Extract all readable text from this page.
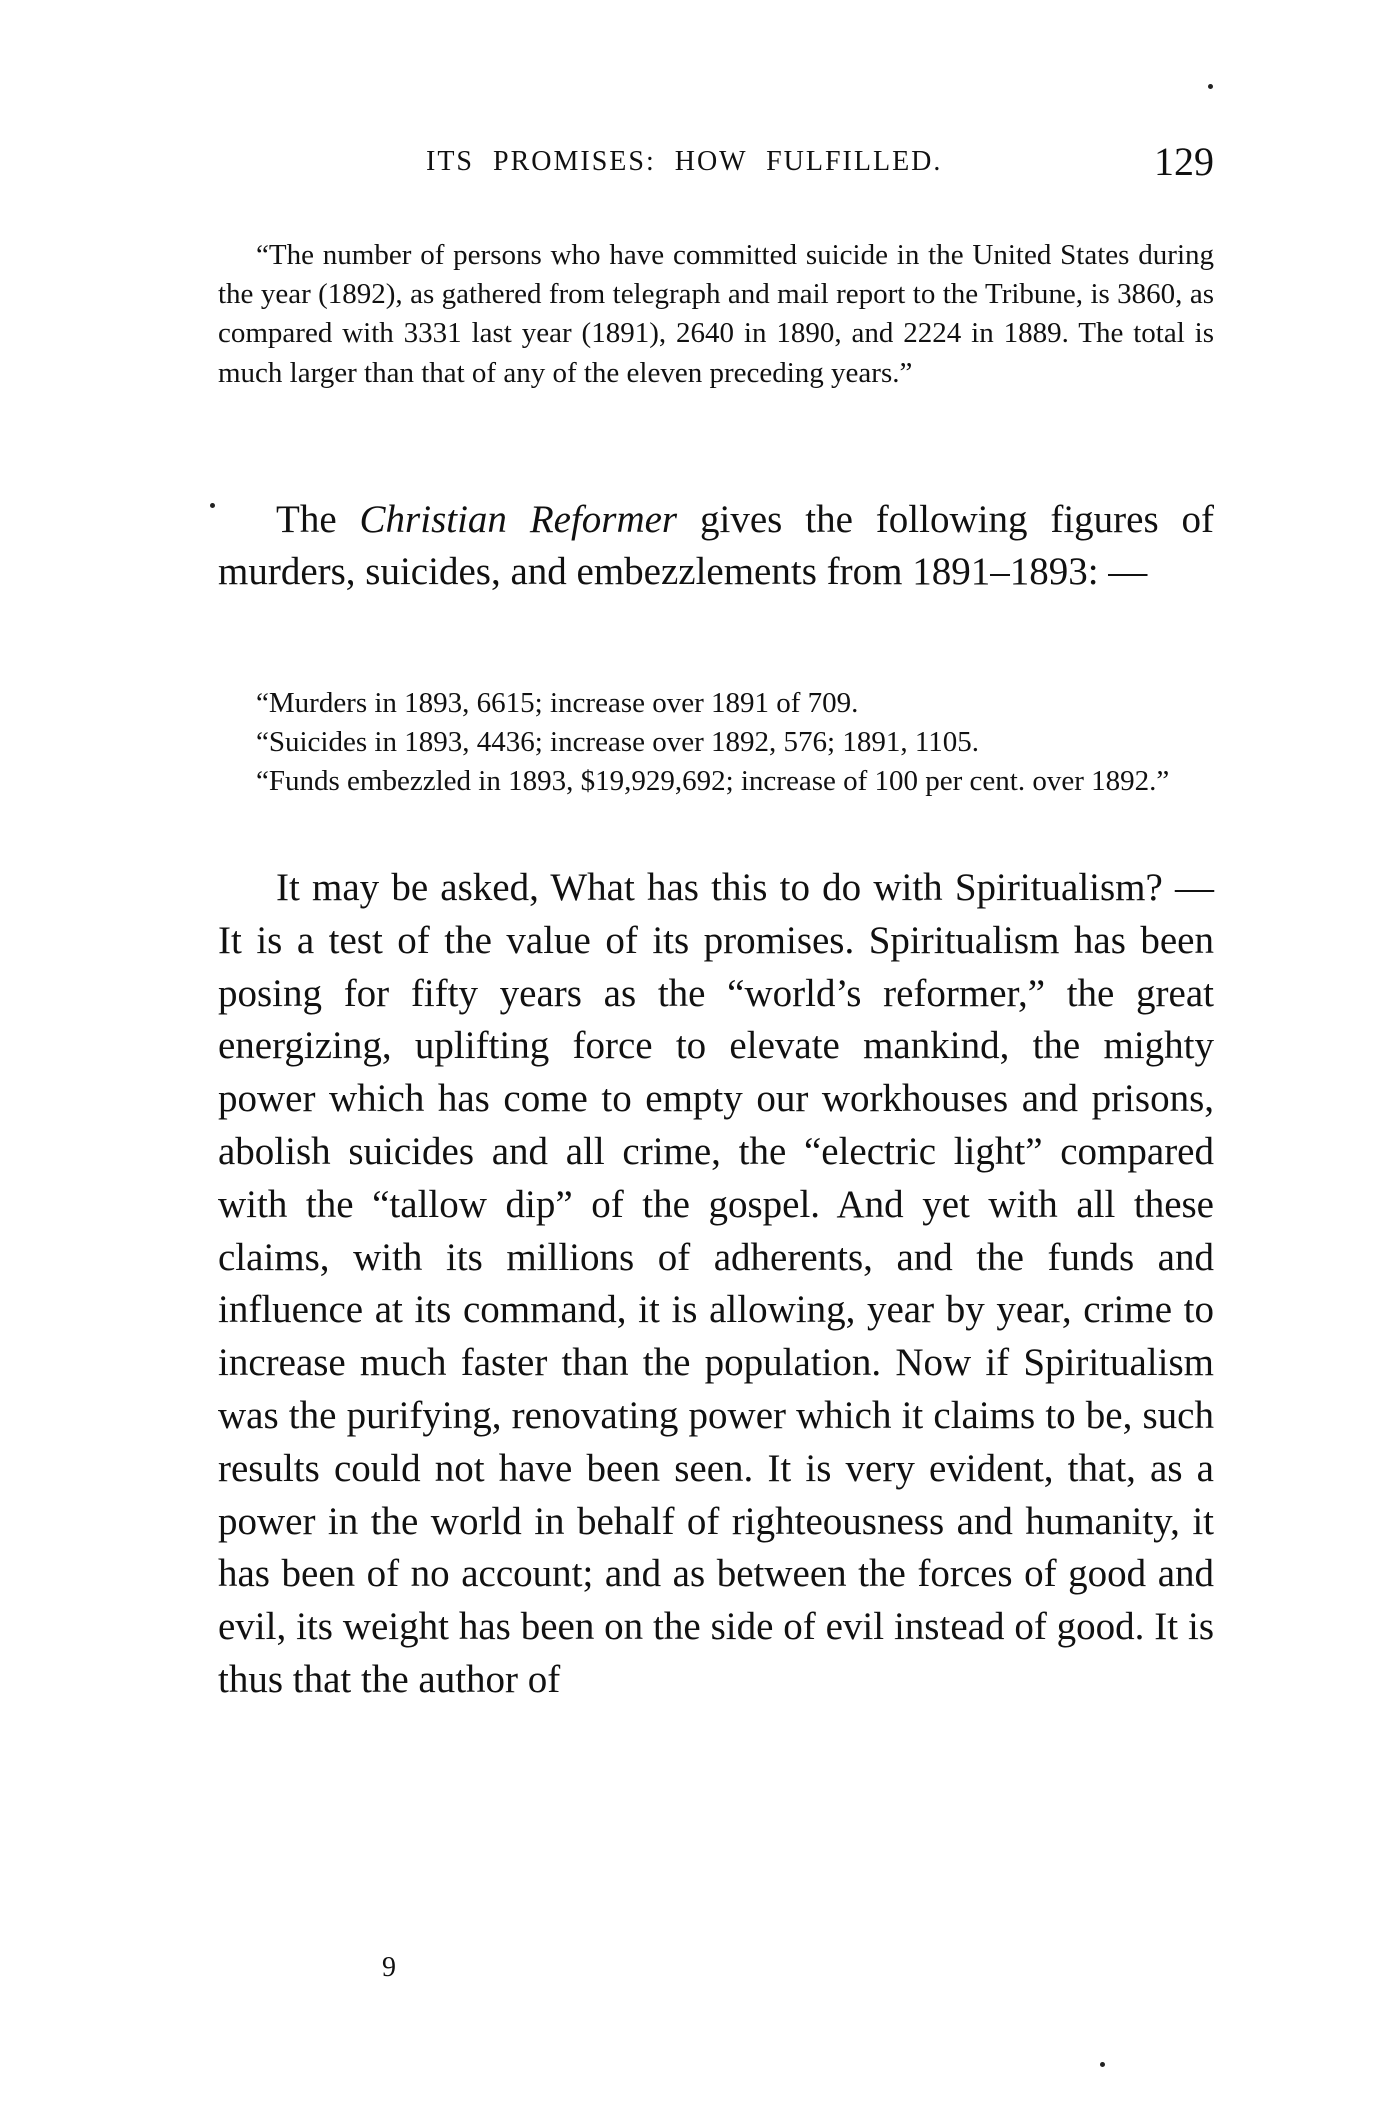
ITS PROMISES: HOW FULFILLED.	129

“The number of persons who have committed suicide in the United States during the year (1892), as gathered from telegraph and mail report to the Tribune, is 3860, as compared with 3331 last year (1891), 2640 in 1890, and 2224 in 1889. The total is much larger than that of any of the eleven preceding years.”

The Christian Reformer gives the following figures of murders, suicides, and embezzlements from 1891–1893: —

“Murders in 1893, 6615; increase over 1891 of 709.

“Suicides in 1893, 4436; increase over 1892, 576; 1891, 1105.

“Funds embezzled in 1893, $19,929,692; increase of 100 per cent. over 1892.”

It may be asked, What has this to do with Spiritualism? — It is a test of the value of its promises. Spiritualism has been posing for fifty years as the “world’s reformer,” the great energizing, uplifting force to elevate mankind, the mighty power which has come to empty our workhouses and prisons, abolish suicides and all crime, the “electric light” compared with the “tallow dip” of the gospel. And yet with all these claims, with its millions of adherents, and the funds and influence at its command, it is allowing, year by year, crime to increase much faster than the population. Now if Spiritualism was the purifying, renovating power which it claims to be, such results could not have been seen. It is very evident, that, as a power in the world in behalf of righteousness and humanity, it has been of no account; and as between the forces of good and evil, its weight has been on the side of evil instead of good. It is thus that the author of

9
